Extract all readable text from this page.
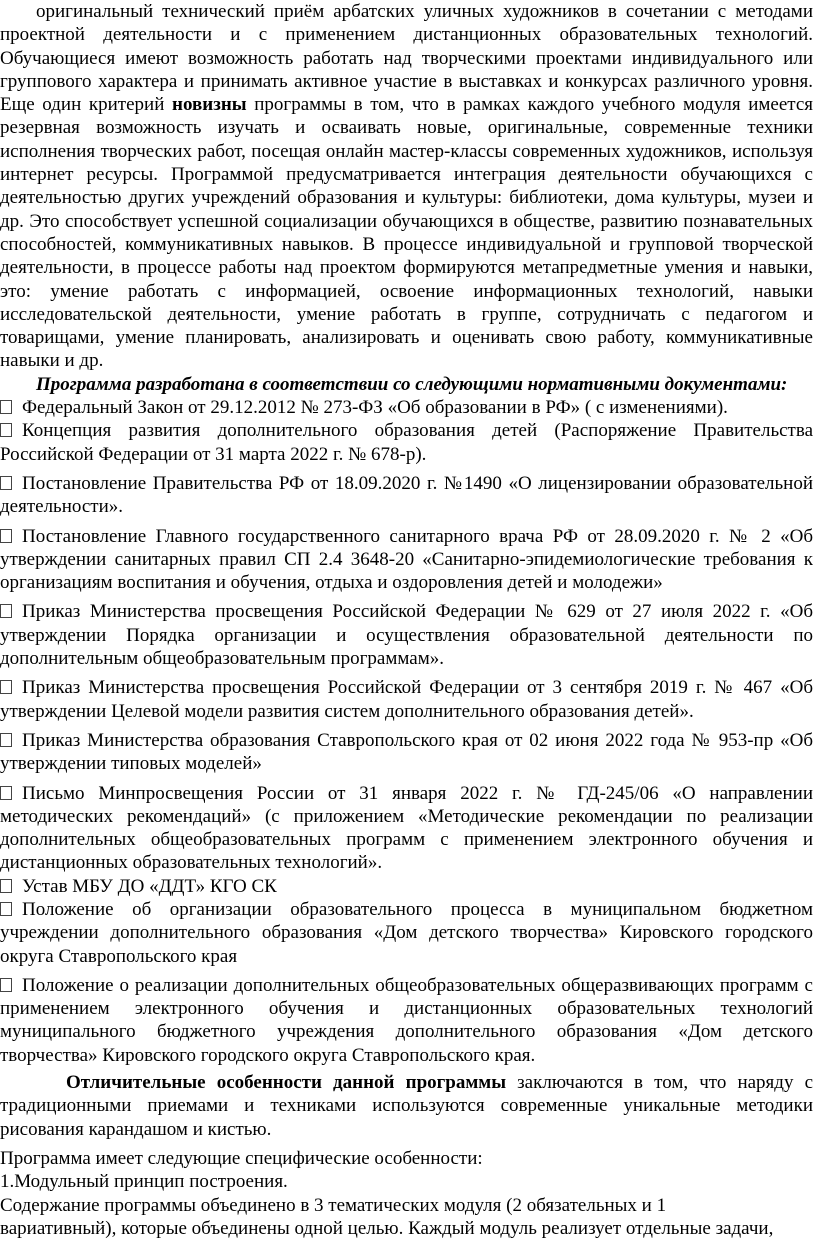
оригинальный технический приём арбатских уличных художников в сочетании с методами проектной деятельности и с применением дистанционных образовательных технологий. Обучающиеся имеют возможность работать над творческими проектами индивидуального или группового характера и принимать активное участие в выставках и конкурсах различного уровня. Еще один критерий новизны программы в том, что в рамках каждого учебного модуля имеется резервная возможность изучать и осваивать новые, оригинальные, современные техники исполнения творческих работ, посещая онлайн мастер-классы современных художников, используя интернет ресурсы. Программой предусматривается интеграция деятельности обучающихся с деятельностью других учреждений образования и культуры: библиотеки, дома культуры, музеи и др. Это способствует успешной социализации обучающихся в обществе, развитию познавательных способностей, коммуникативных навыков. В процессе индивидуальной и групповой творческой деятельности, в процессе работы над проектом формируются метапредметные умения и навыки, это: умение работать с информацией, освоение информационных технологий, навыки исследовательской деятельности, умение работать в группе, сотрудничать с педагогом и товарищами, умение планировать, анализировать и оценивать свою работу, коммуникативные навыки и др.

Программа разработана в соответствии со следующими нормативными документами:

Федеральный Закон от 29.12.2012 № 273-ФЗ «Об образовании в РФ» ( с изменениями).

Концепция развития дополнительного образования детей (Распоряжение Правительства Российской Федерации от 31 марта 2022 г. № 678-р).

Постановление Правительства РФ от 18.09.2020 г. №1490 «О лицензировании образовательной деятельности».

Постановление Главного государственного санитарного врача РФ от 28.09.2020 г. № 2 «Об утверждении санитарных правил СП 2.4 3648-20 «Санитарно-эпидемиологические требования к организациям воспитания и обучения, отдыха и оздоровления детей и молодежи»

Приказ Министерства просвещения Российской Федерации № 629 от 27 июля 2022 г. «Об утверждении Порядка организации и осуществления образовательной деятельности по дополнительным общеобразовательным программам».

Приказ Министерства просвещения Российской Федерации от 3 сентября 2019 г. № 467 «Об утверждении Целевой модели развития систем дополнительного образования детей».

Приказ Министерства образования Ставропольского края от 02 июня 2022 года № 953-пр «Об утверждении типовых моделей»

Письмо Минпросвещения России от 31 января 2022 г. № ГД-245/06 «О направлении методических рекомендаций» (с приложением «Методические рекомендации по реализации дополнительных общеобразовательных программ с применением электронного обучения и дистанционных образовательных технологий».

Устав МБУ ДО «ДДТ» КГО СК

Положение об организации образовательного процесса в муниципальном бюджетном учреждении дополнительного образования «Дом детского творчества» Кировского городского округа Ставропольского края

Положение о реализации дополнительных общеобразовательных общеразвивающих программ с применением электронного обучения и дистанционных образовательных технологий муниципального бюджетного учреждения дополнительного образования «Дом детского творчества» Кировского городского округа Ставропольского края.

Отличительные особенности данной программы заключаются в том, что наряду с традиционными приемами и техниками используются современные уникальные методики рисования карандашом и кистью.

Программа имеет следующие специфические особенности:

1.Модульный принцип построения.

Содержание программы объединено в 3 тематических модуля (2 обязательных и 1

вариативный), которые объединены одной целью. Каждый модуль реализует отдельные задачи,
